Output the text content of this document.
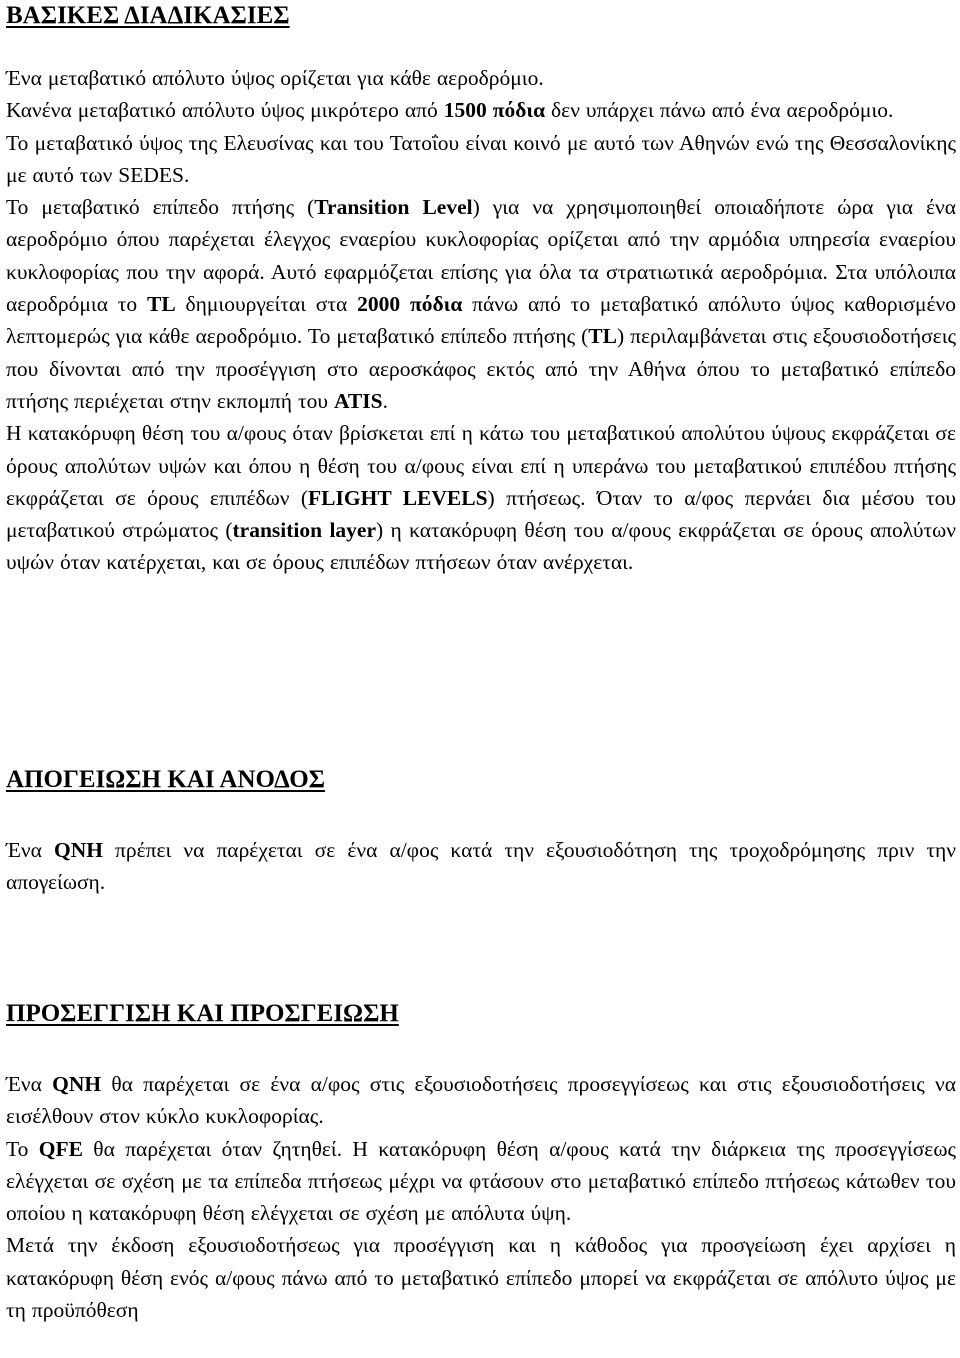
ΒΑΣΙΚΕΣ ΔΙΑΔΙΚΑΣΙΕΣ

Ένα μεταβατικό απόλυτο ύψος ορίζεται για κάθε αεροδρόμιο.

Κανένα μεταβατικό απόλυτο ύψος μικρότερο από 1500 πόδια δεν υπάρχει πάνω από ένα αεροδρόμιο.

Το μεταβατικό ύψος της Ελευσίνας και του Τατοΐου είναι κοινό με αυτό των Αθηνών ενώ της Θεσσαλονίκης με αυτό των SEDES.

Το μεταβατικό επίπεδο πτήσης (Transition Level) για να χρησιμοποιηθεί οποιαδήποτε ώρα για ένα αεροδρόμιο όπου παρέχεται έλεγχος εναερίου κυκλοφορίας ορίζεται από την αρμόδια υπηρεσία εναερίου κυκλοφορίας που την αφορά. Αυτό εφαρμόζεται επίσης για όλα τα στρατιωτικά αεροδρόμια. Στα υπόλοιπα αεροδρόμια το TL δημιουργείται στα 2000 πόδια πάνω από το μεταβατικό απόλυτο ύψος καθορισμένο λεπτομερώς για κάθε αεροδρόμιο. Το μεταβατικό επίπεδο πτήσης (TL) περιλαμβάνεται στις εξουσιοδοτήσεις που δίνονται από την προσέγγιση στο αεροσκάφος εκτός από την Αθήνα όπου το μεταβατικό επίπεδο πτήσης περιέχεται στην εκπομπή του ATIS.

Η κατακόρυφη θέση του α/φους όταν βρίσκεται επί η κάτω του μεταβατικού απολύτου ύψους εκφράζεται σε όρους απολύτων υψών και όπου η θέση του α/φους είναι επί η υπεράνω του μεταβατικού επιπέδου πτήσης εκφράζεται σε όρους επιπέδων (FLIGHT LEVELS) πτήσεως. Όταν το α/φος περνάει δια μέσου του μεταβατικού στρώματος (transition layer) η κατακόρυφη θέση του α/φους εκφράζεται σε όρους απολύτων υψών όταν κατέρχεται, και σε όρους επιπέδων πτήσεων όταν ανέρχεται.

ΑΠΟΓΕΙΩΣΗ ΚΑΙ ΑΝΟΔΟΣ

Ένα QNH πρέπει να παρέχεται σε ένα α/φος κατά την εξουσιοδότηση της τροχοδρόμησης πριν την απογείωση.

ΠΡΟΣΕΓΓΙΣΗ ΚΑΙ ΠΡΟΣΓΕΙΩΣΗ

Ένα QNH θα παρέχεται σε ένα α/φος στις εξουσιοδοτήσεις προσεγγίσεως και στις εξουσιοδοτήσεις να εισέλθουν στον κύκλο κυκλοφορίας.

Το QFE θα παρέχεται όταν ζητηθεί. Η κατακόρυφη θέση α/φους κατά την διάρκεια της προσεγγίσεως ελέγχεται σε σχέση με τα επίπεδα πτήσεως μέχρι να φτάσουν στο μεταβατικό επίπεδο πτήσεως κάτωθεν του οποίου η κατακόρυφη θέση ελέγχεται σε σχέση με απόλυτα ύψη.

Μετά την έκδοση εξουσιοδοτήσεως για προσέγγιση και η κάθοδος για προσγείωση έχει αρχίσει η κατακόρυφη θέση ενός α/φους πάνω από το μεταβατικό επίπεδο μπορεί να εκφράζεται σε απόλυτο ύψος με τη προϋπόθεση
